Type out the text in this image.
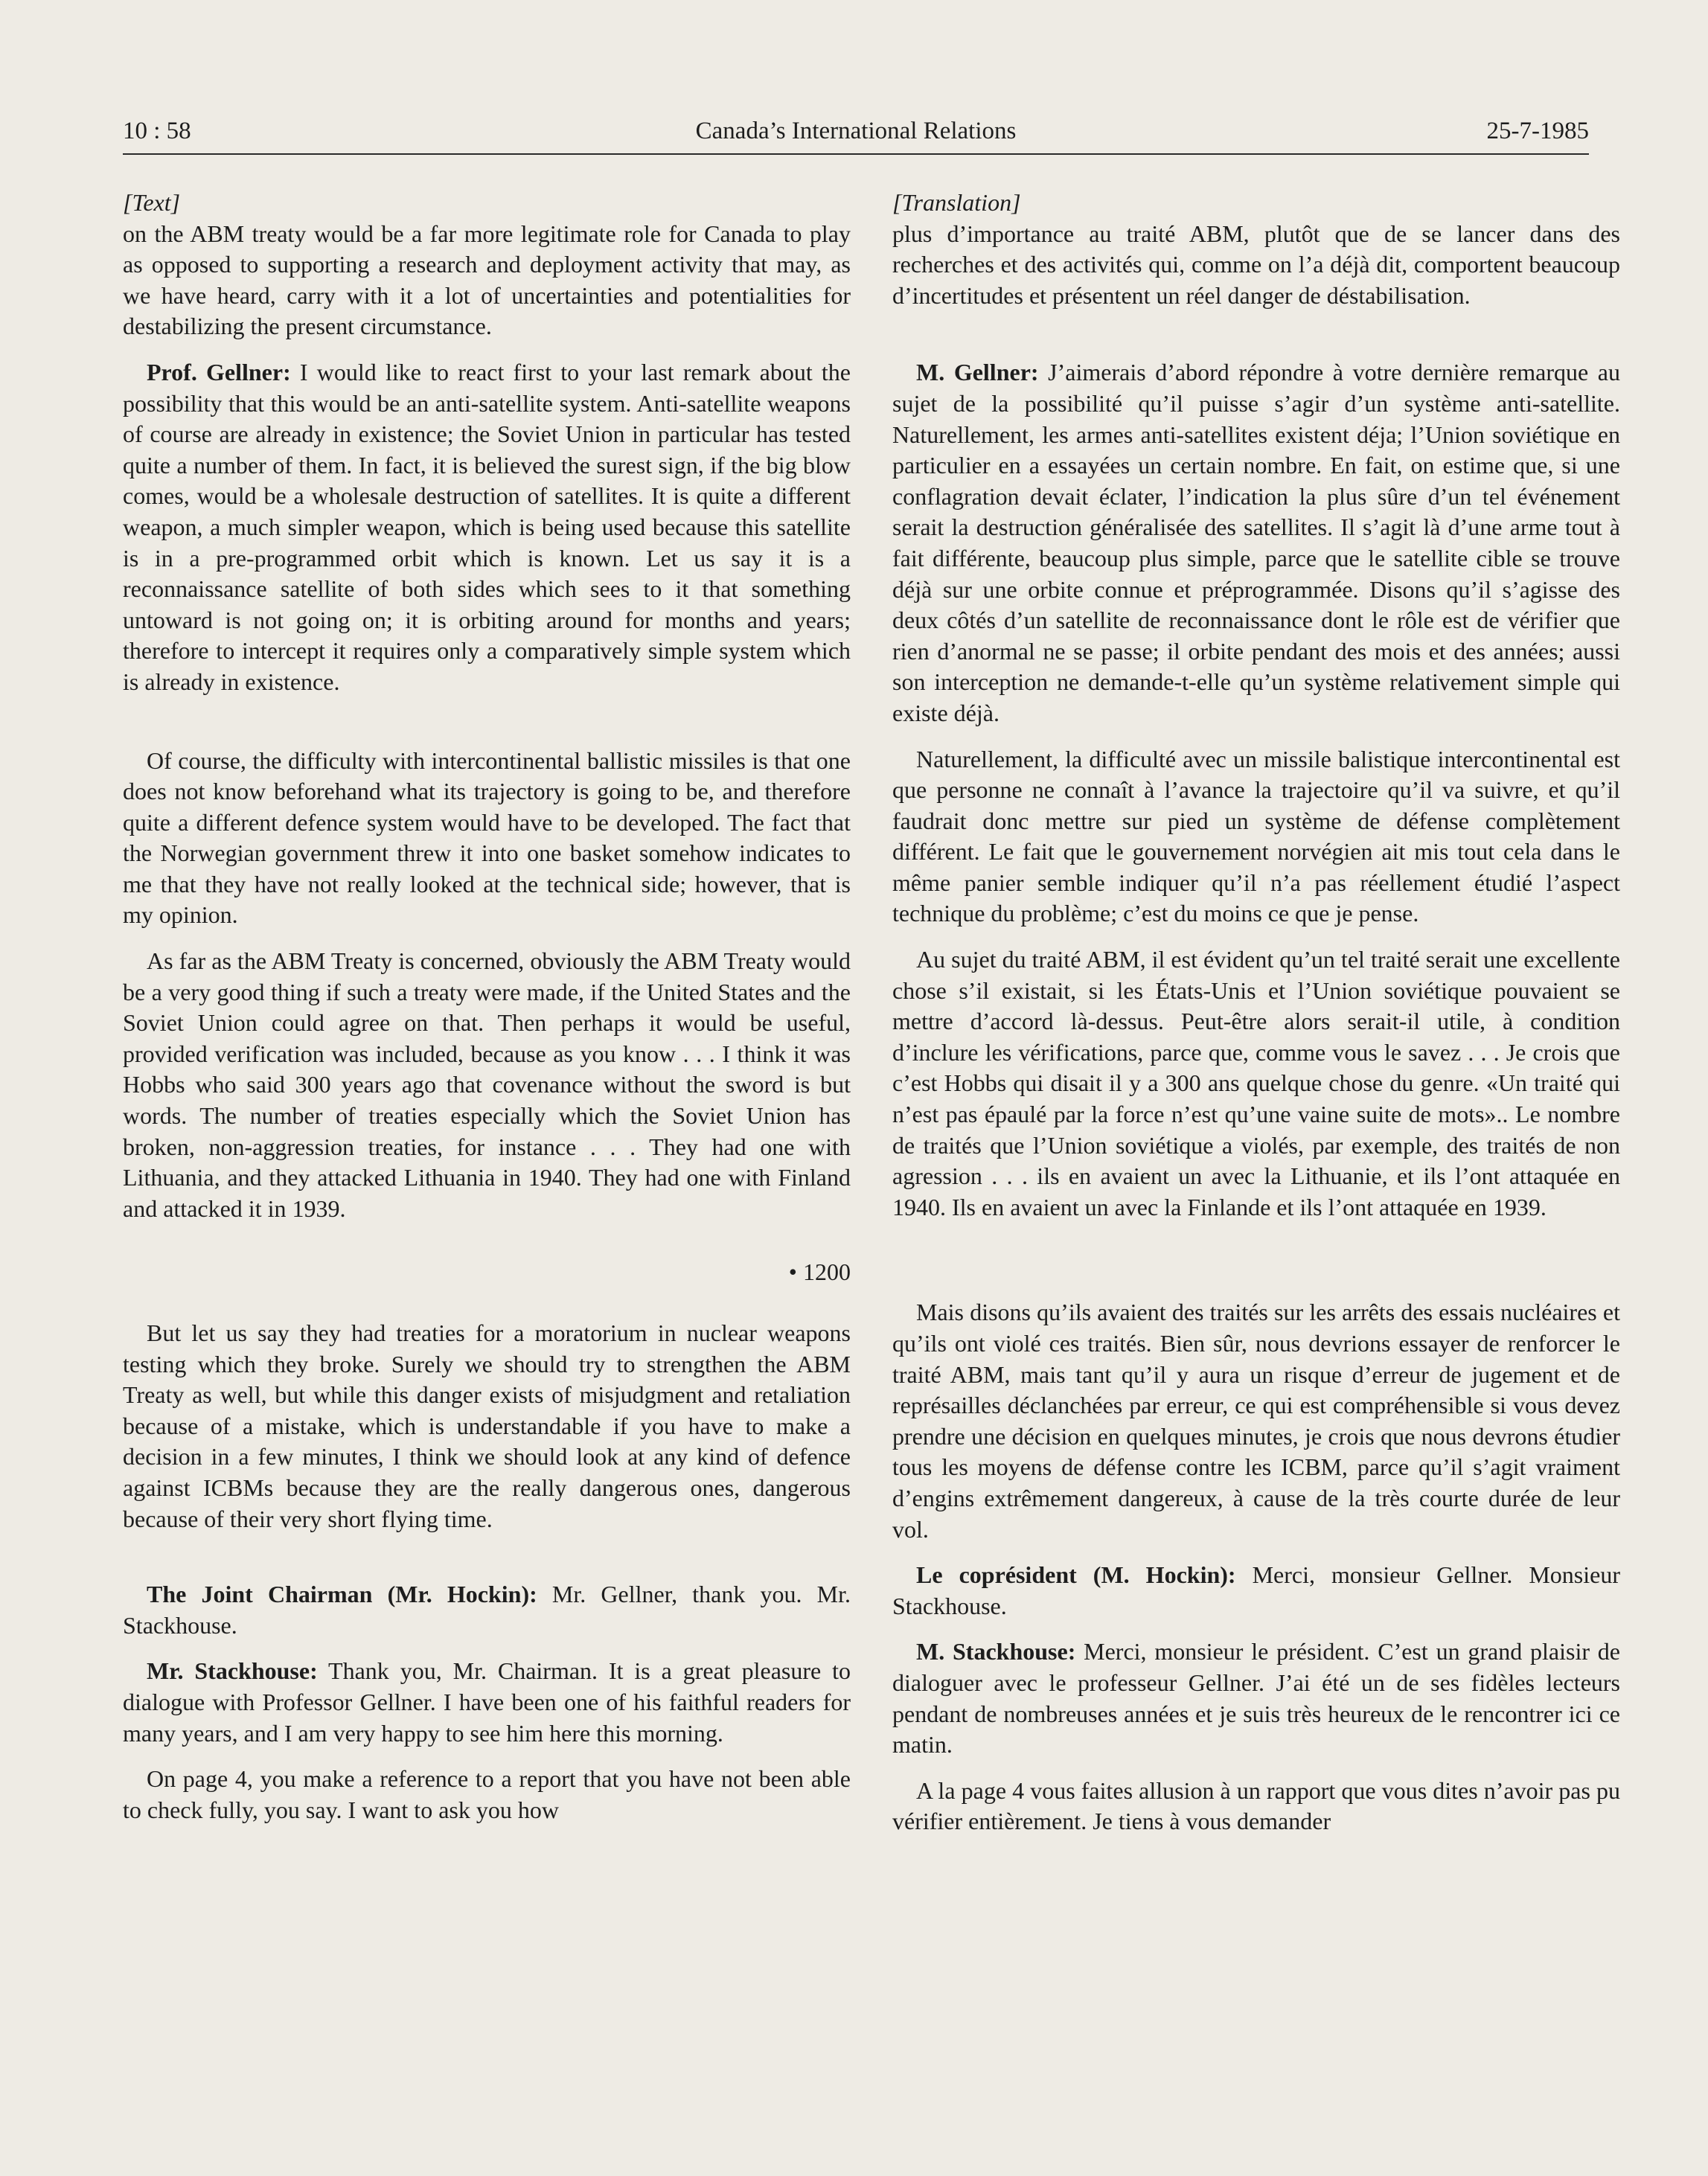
10 : 58	Canada’s International Relations	25-7-1985

[Text]

on the ABM treaty would be a far more legitimate role for Canada to play as opposed to supporting a research and deployment activity that may, as we have heard, carry with it a lot of uncertainties and potentialities for destabilizing the present circumstance.

Prof. Gellner: I would like to react first to your last remark about the possibility that this would be an anti-satellite system. Anti-satellite weapons of course are already in existence; the Soviet Union in particular has tested quite a number of them. In fact, it is believed the surest sign, if the big blow comes, would be a wholesale destruction of satellites. It is quite a different weapon, a much simpler weapon, which is being used because this satellite is in a pre-programmed orbit which is known. Let us say it is a reconnaissance satellite of both sides which sees to it that something untoward is not going on; it is orbiting around for months and years; therefore to intercept it requires only a comparatively simple system which is already in existence.

Of course, the difficulty with intercontinental ballistic missiles is that one does not know beforehand what its trajectory is going to be, and therefore quite a different defence system would have to be developed. The fact that the Norwegian government threw it into one basket somehow indicates to me that they have not really looked at the technical side; however, that is my opinion.

As far as the ABM Treaty is concerned, obviously the ABM Treaty would be a very good thing if such a treaty were made, if the United States and the Soviet Union could agree on that. Then perhaps it would be useful, provided verification was included, because as you know . . . I think it was Hobbs who said 300 years ago that covenance without the sword is but words. The number of treaties especially which the Soviet Union has broken, non-aggression treaties, for instance . . . They had one with Lithuania, and they attacked Lithuania in 1940. They had one with Finland and attacked it in 1939.

• 1200

But let us say they had treaties for a moratorium in nuclear weapons testing which they broke. Surely we should try to strengthen the ABM Treaty as well, but while this danger exists of misjudgment and retaliation because of a mistake, which is understandable if you have to make a decision in a few minutes, I think we should look at any kind of defence against ICBMs because they are the really dangerous ones, dangerous because of their very short flying time.

The Joint Chairman (Mr. Hockin): Mr. Gellner, thank you. Mr. Stackhouse.

Mr. Stackhouse: Thank you, Mr. Chairman. It is a great pleasure to dialogue with Professor Gellner. I have been one of his faithful readers for many years, and I am very happy to see him here this morning.

On page 4, you make a reference to a report that you have not been able to check fully, you say. I want to ask you how

[Translation]

plus d’importance au traité ABM, plutôt que de se lancer dans des recherches et des activités qui, comme on l’a déjà dit, comportent beaucoup d’incertitudes et présentent un réel danger de déstabilisation.

M. Gellner: J’aimerais d’abord répondre à votre dernière remarque au sujet de la possibilité qu’il puisse s’agir d’un système anti-satellite. Naturellement, les armes anti-satellites existent déja; l’Union soviétique en particulier en a essayées un certain nombre. En fait, on estime que, si une conflagration devait éclater, l’indication la plus sûre d’un tel événement serait la destruction généralisée des satellites. Il s’agit là d’une arme tout à fait différente, beaucoup plus simple, parce que le satellite cible se trouve déjà sur une orbite connue et préprogrammée. Disons qu’il s’agisse des deux côtés d’un satellite de reconnaissance dont le rôle est de vérifier que rien d’anormal ne se passe; il orbite pendant des mois et des années; aussi son interception ne demande-t-elle qu’un système relativement simple qui existe déjà.

Naturellement, la difficulté avec un missile balistique intercontinental est que personne ne connaît à l’avance la trajectoire qu’il va suivre, et qu’il faudrait donc mettre sur pied un système de défense complètement différent. Le fait que le gouvernement norvégien ait mis tout cela dans le même panier semble indiquer qu’il n’a pas réellement étudié l’aspect technique du problème; c’est du moins ce que je pense.

Au sujet du traité ABM, il est évident qu’un tel traité serait une excellente chose s’il existait, si les États-Unis et l’Union soviétique pouvaient se mettre d’accord là-dessus. Peut-être alors serait-il utile, à condition d’inclure les vérifications, parce que, comme vous le savez . . . Je crois que c’est Hobbs qui disait il y a 300 ans quelque chose du genre. «Un traité qui n’est pas épaulé par la force n’est qu’une vaine suite de mots».. Le nombre de traités que l’Union soviétique a violés, par exemple, des traités de non agression . . . ils en avaient un avec la Lithuanie, et ils l’ont attaquée en 1940. Ils en avaient un avec la Finlande et ils l’ont attaquée en 1939.

Mais disons qu’ils avaient des traités sur les arrêts des essais nucléaires et qu’ils ont violé ces traités. Bien sûr, nous devrions essayer de renforcer le traité ABM, mais tant qu’il y aura un risque d’erreur de jugement et de représailles déclanchées par erreur, ce qui est compréhensible si vous devez prendre une décision en quelques minutes, je crois que nous devrons étudier tous les moyens de défense contre les ICBM, parce qu’il s’agit vraiment d’engins extrêmement dangereux, à cause de la très courte durée de leur vol.

Le coprésident (M. Hockin): Merci, monsieur Gellner. Monsieur Stackhouse.

M. Stackhouse: Merci, monsieur le président. C’est un grand plaisir de dialoguer avec le professeur Gellner. J’ai été un de ses fidèles lecteurs pendant de nombreuses années et je suis très heureux de le rencontrer ici ce matin.

A la page 4 vous faites allusion à un rapport que vous dites n’avoir pas pu vérifier entièrement. Je tiens à vous demander
